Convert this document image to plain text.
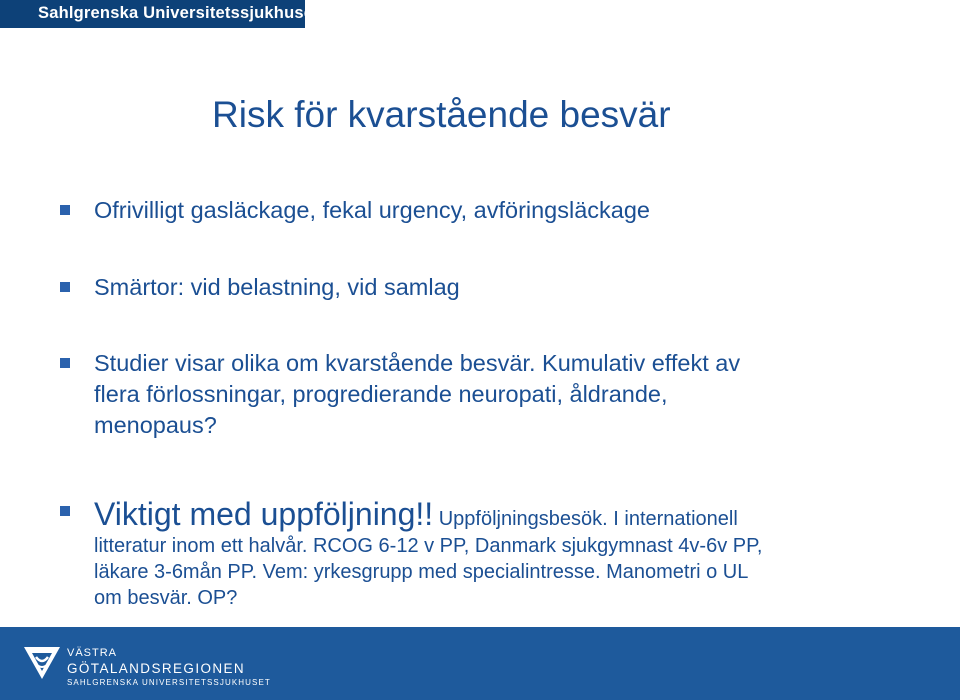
Sahlgrenska Universitetssjukhuset
Risk för kvarstående besvär
Ofrivilligt gasläckage, fekal urgency, avföringsläckage
Smärtor: vid belastning, vid samlag
Studier visar olika om kvarstående besvär. Kumulativ effekt av
flera förlossningar, progredierande neuropati, åldrande,
menopaus?
Viktigt med uppföljning!! Uppföljningsbesök. I internationell
litteratur inom ett halvår. RCOG 6-12 v PP, Danmark sjukgymnast 4v-6v PP,
läkare 3-6mån PP. Vem: yrkesgrupp med specialintresse. Manometri o UL
om besvär. OP?
VÄSTRA
GÖTALANDSREGIONEN
SAHLGRENSKA UNIVERSITETSSJUKHUSET
